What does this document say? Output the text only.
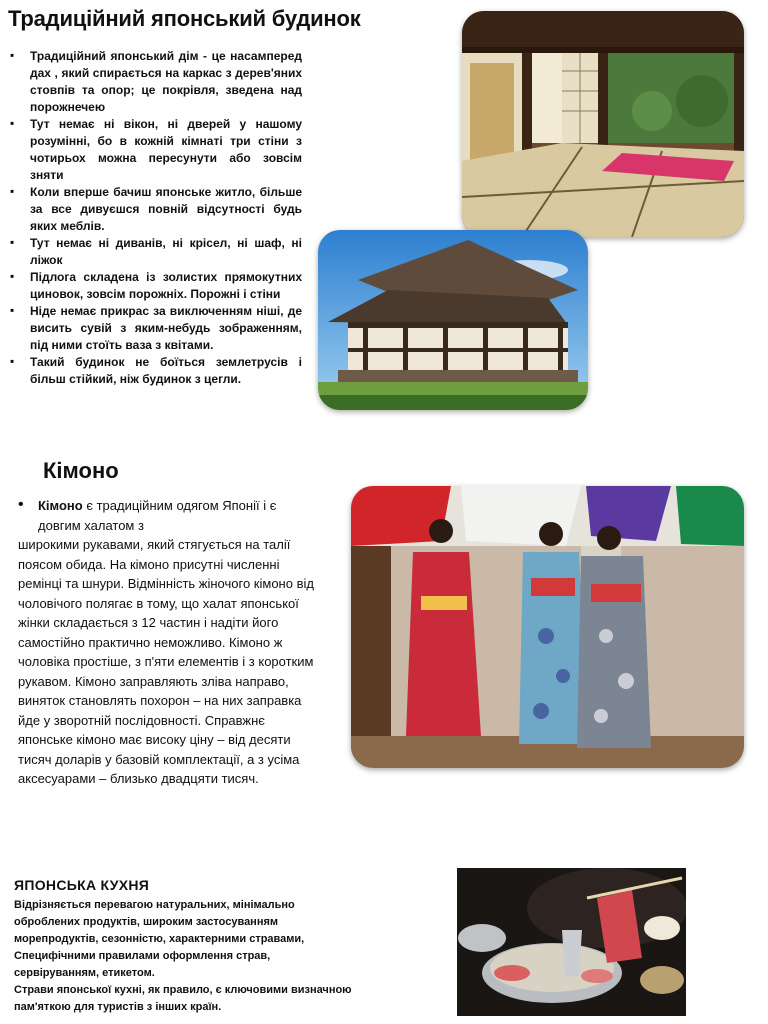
Традиційний японський будинок
▪ Традиційний японський дім - це насамперед дах , який спирається на каркас з дерев'яних стовпів та опор; це покрівля, зведена над порожнечею
▪ Тут немає ні вікон, ні дверей у нашому розумінні, бо в кожній кімнаті три стіни з чотирьох можна пересунути або зовсім зняти
▪ Коли вперше бачиш японське житло, більше за все дивуєшся повній відсутності будь яких меблів.
▪ Тут немає ні диванів, ні крісел, ні шаф, ні ліжок
▪ Підлога складена із золистих прямокутних циновок, зовсім порожніх. Порожні і стіни
▪ Ніде немає прикрас за виключенням ніші, де висить сувій з яким-небудь зображенням, під ними стоїть ваза з квітами.
▪ Такий будинок не боїться землетрусів і більш стійкий, ніж будинок з цегли.
Кімоно
• Кімоно є традиційним одягом Японії і є довгим халатом з
широкими рукавами, який стягується на талії поясом обида. На кімоно присутні численні ремінці та шнури. Відмінність жіночого кімоно від чоловічого полягає в тому, що халат японської жінки складається з 12 частин і надіти його самостійно практично неможливо. Кімоно ж чоловіка простіше, з п'яти елементів і з коротким рукавом. Кімоно заправляють зліва направо, виняток становлять похорон – на них заправка йде у зворотній послідовності. Справжнє японське кімоно має високу ціну – від десяти тисяч доларів у базовій комплектації, а з усіма аксесуарами – близько двадцяти тисяч.
ЯПОНСЬКА КУХНЯ

Відрізняється перевагою натуральних, мінімально оброблених продуктів, широким застосуванням морепродуктів, сезонністю, характерними стравами, Специфічними правилами оформлення страв, сервіруванням, етикетом.

Страви японської кухні, як правило, є ключовими визначною пам'яткою для туристів з інших країн.
